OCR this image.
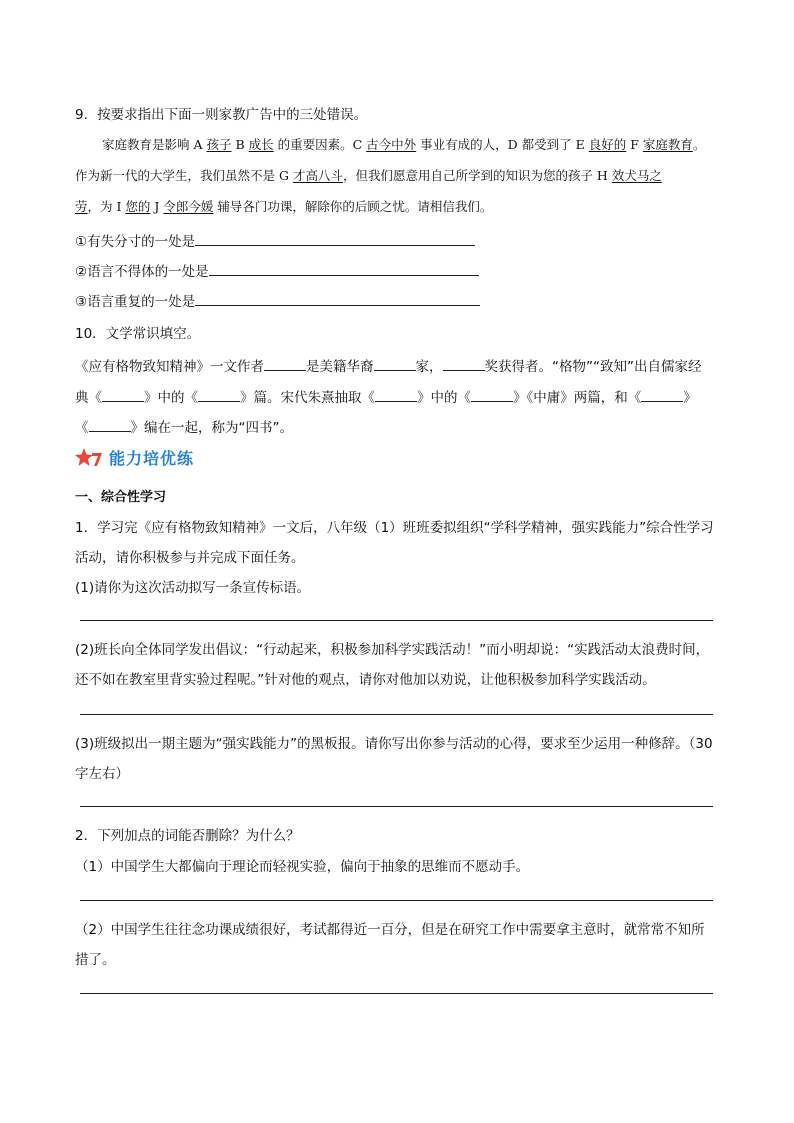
9．按要求指出下面一则家教广告中的三处错误。
家庭教育是影响 A 孩子 B 成长 的重要因素。C 古今中外 事业有成的人，D 都受到了 E 良好的 F 家庭教育。
作为新一代的大学生，我们虽然不是 G 才高八斗，但我们愿意用自己所学到的知识为您的孩子 H 效犬马之
劳，为 I 您的 J 令郎今媛 辅导各门功课，解除你的后顾之忧。请相信我们。
①有失分寸的一处是
②语言不得体的一处是
③语言重复的一处是
10．文学常识填空。
《应有格物致知精神》一文作者	是美籍华裔	家，	奖获得者。“格物”“致知”出自儒家经
典《	》中的《	》篇。宋代朱熹抽取《	》中的《	》《中庸》两篇，和《	》
《	》编在一起，称为“四书”。
能力培优练
一、综合性学习
1．学习完《应有格物致知精神》一文后，八年级（1）班班委拟组织“学科学精神，强实践能力”综合性学习
活动，请你积极参与并完成下面任务。
(1)请你为这次活动拟写一条宣传标语。
(2)班长向全体同学发出倡议：“行动起来，积极参加科学实践活动！”而小明却说：“实践活动太浪费时间，
还不如在教室里背实验过程呢。”针对他的观点，请你对他加以劝说，让他积极参加科学实践活动。
(3)班级拟出一期主题为“强实践能力”的黑板报。请你写出你参与活动的心得，要求至少运用一种修辞。（30
字左右）
2．下列加点的词能否删除？为什么？
（1）中国学生大都偏向于理论而轻视实验，偏向于抽象的思维而不愿动手。
（2）中国学生往往念功课成绩很好，考试都得近一百分，但是在研究工作中需要拿主意时，就常常不知所
措了。
